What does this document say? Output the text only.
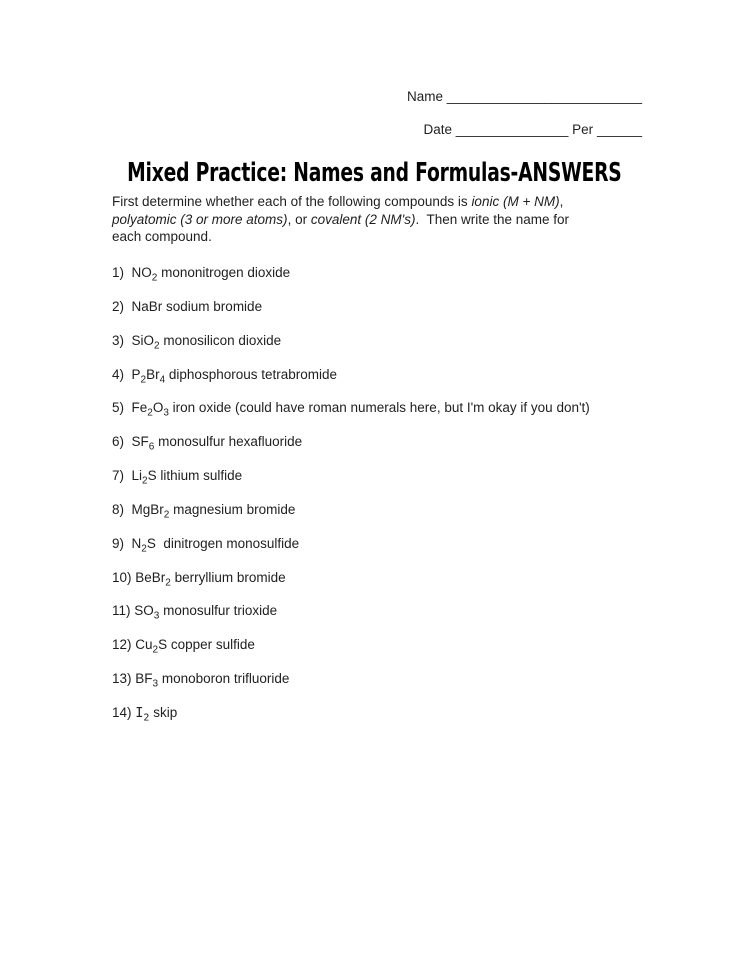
Name __________________________
Date _______________ Per ______
Mixed Practice: Names and Formulas-ANSWERS
First determine whether each of the following compounds is ionic (M + NM),
polyatomic (3 or more atoms), or covalent (2 NM's).  Then write the name for
each compound.
1)  $NO_2$ mononitrogen dioxide
2)  NaBr sodium bromide
3)  SiO$_2$ monosilicon dioxide
4)  $P_2Br_4$ diphosphorous tetrabromide
5)  $Fe_2O_3$ iron oxide (could have roman numerals here, but I'm okay if you don't)
6)  $SF_6$ monosulfur hexafluoride
7)  $Li_2S$ lithium sulfide
8)  MgBr$_2$ magnesium bromide
9)  $N_2S$  dinitrogen monosulfide
10) BeBr$_2$ berryllium bromide
11) $SO_3$ monosulfur trioxide
12) $Cu_2S$ copper sulfide
13) $BF_3$ monoboron trifluoride
14) $I_2$ skip
